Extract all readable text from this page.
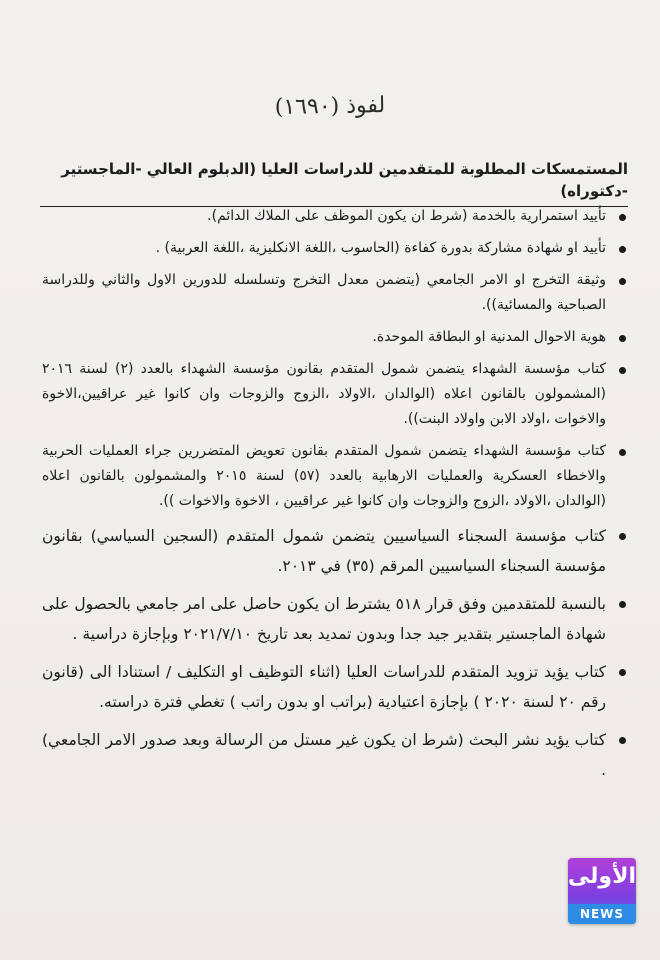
لفوذ (١٦٩٠)
المستمسكات المطلوبة للمتقدمين للدراسات العليا (الدبلوم العالي -الماجستير -دكتوراه)
تأييد استمرارية بالخدمة (شرط ان يكون الموظف على الملاك الدائم).
تأييد او شهادة مشاركة بدورة كفاءة (الحاسوب ،اللغة الانكليزية ،اللغة العربية) .
وثيقة التخرج او الامر الجامعي (يتضمن معدل التخرج وتسلسله للدورين الاول والثاني وللدراسة الصباحية والمسائية)).
هوية الاحوال المدنية او البطاقة الموحدة.
كتاب مؤسسة الشهداء يتضمن شمول المتقدم بقانون مؤسسة الشهداء بالعدد (٢) لسنة ٢٠١٦ (المشمولون بالقانون اعلاه (الوالدان ،الاولاد ،الزوج والزوجات وان كانوا غير عراقيين،الاخوة والاخوات ،اولاد الابن واولاد البنت)).
كتاب مؤسسة الشهداء يتضمن شمول المتقدم بقانون تعويض المتضررين جراء العمليات الحربية والاخطاء العسكرية والعمليات الارهابية بالعدد (٥٧) لسنة ٢٠١٥ والمشمولون بالقانون اعلاه (الوالدان ،الاولاد ،الزوج والزوجات وان كانوا غير عراقيين ، الاخوة والاخوات )).
كتاب مؤسسة السجناء السياسيين يتضمن شمول المتقدم (السجين السياسي) بقانون مؤسسة السجناء السياسيين المرقم (٣٥) في ٢٠١٣.
بالنسبة للمتقدمين وفق قرار ٥١٨ يشترط ان يكون حاصل على امر جامعي بالحصول على شهادة الماجستير بتقدير جيد جدا وبدون تمديد بعد تاريخ ٢٠٢١/٧/١٠ وبإجازة دراسية .
كتاب يؤيد تزويد المتقدم للدراسات العليا (اثناء التوظيف او التكليف / استنادا الى (قانون رقم ٢٠ لسنة ٢٠٢٠ ) بإجازة اعتيادية (براتب او بدون راتب ) تغطي فترة دراسته.
كتاب يؤيد نشر البحث (شرط ان يكون غير مستل من الرسالة وبعد صدور الامر الجامعي) .
الأولى
NEWS
